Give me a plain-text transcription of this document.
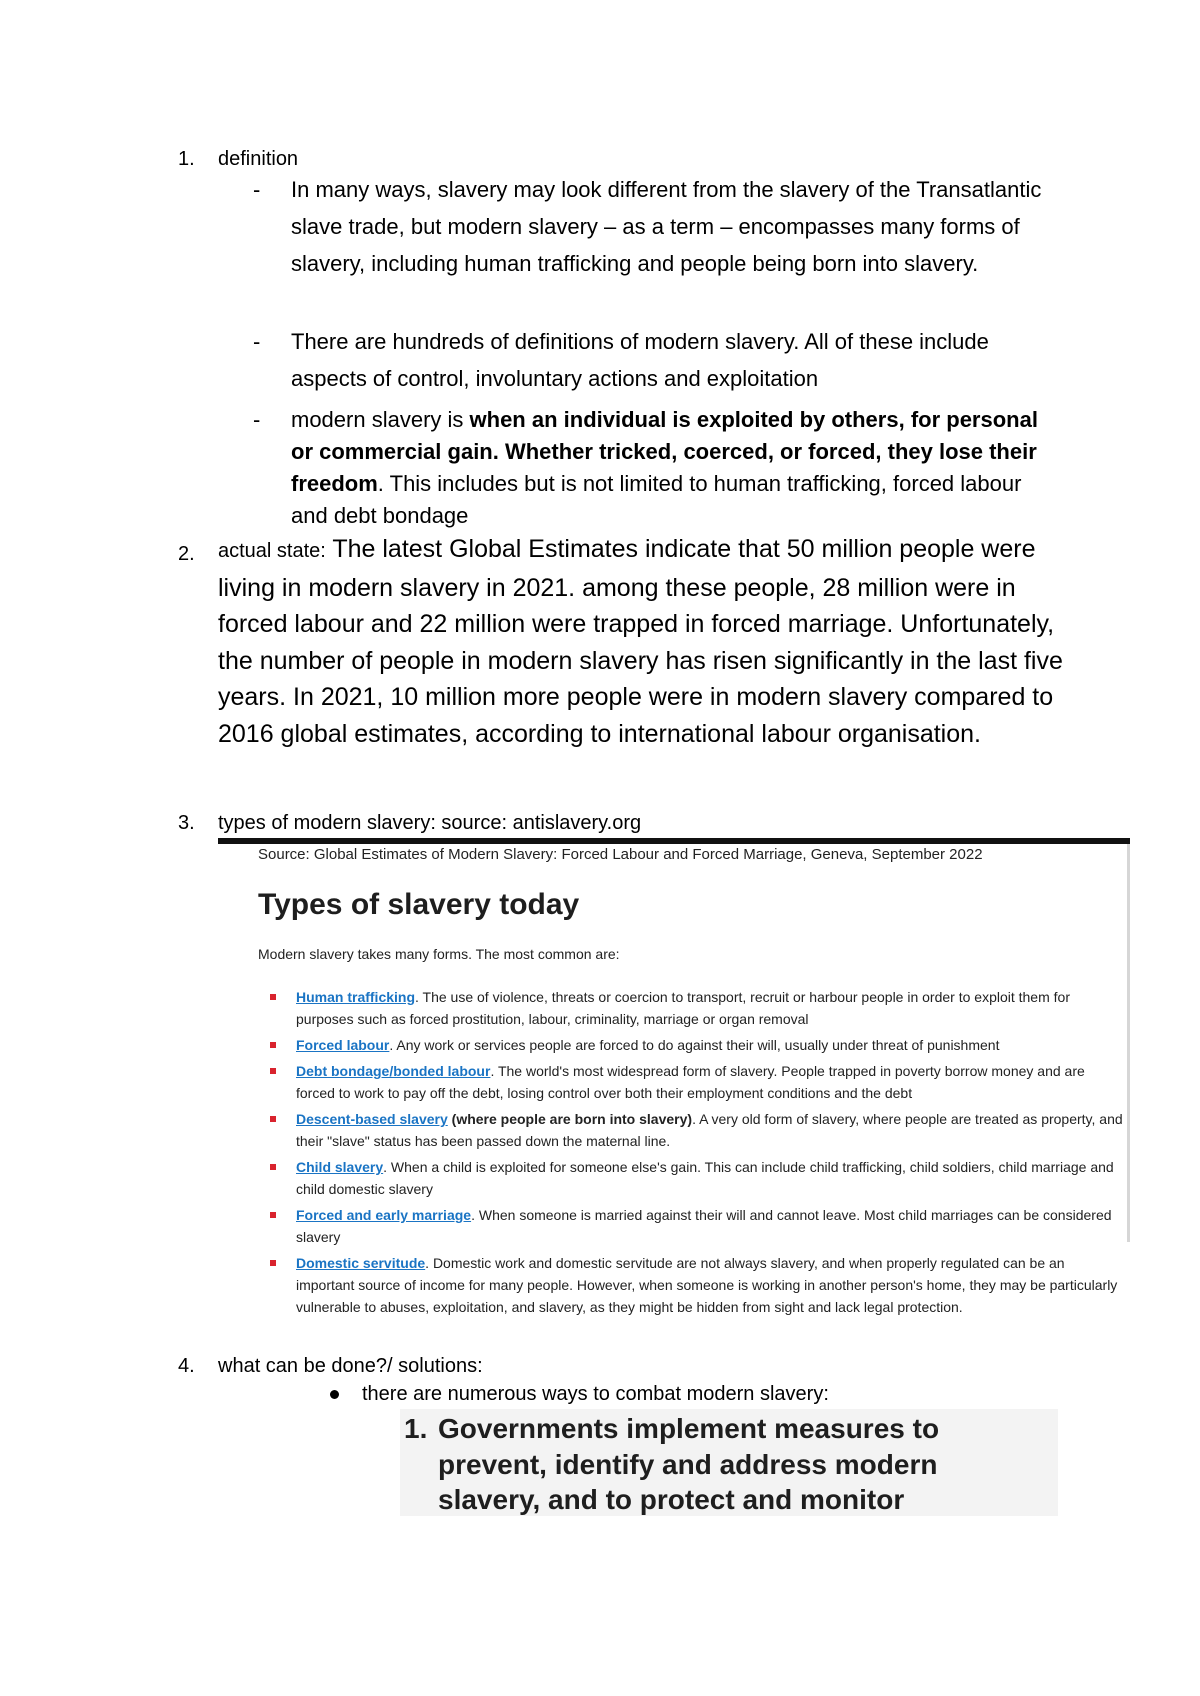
1. definition
- In many ways, slavery may look different from the slavery of the Transatlantic slave trade, but modern slavery – as a term – encompasses many forms of slavery, including human trafficking and people being born into slavery.
- There are hundreds of definitions of modern slavery. All of these include aspects of control, involuntary actions and exploitation
- modern slavery is when an individual is exploited by others, for personal or commercial gain. Whether tricked, coerced, or forced, they lose their freedom. This includes but is not limited to human trafficking, forced labour and debt bondage
2. actual state: The latest Global Estimates indicate that 50 million people were living in modern slavery in 2021. among these people, 28 million were in forced labour and 22 million were trapped in forced marriage. Unfortunately, the number of people in modern slavery has risen significantly in the last five years. In 2021, 10 million more people were in modern slavery compared to 2016 global estimates, according to international labour organisation.
3. types of modern slavery: source: antislavery.org
Source: Global Estimates of Modern Slavery: Forced Labour and Forced Marriage, Geneva, September 2022
Types of slavery today
Modern slavery takes many forms. The most common are:
Human trafficking. The use of violence, threats or coercion to transport, recruit or harbour people in order to exploit them for purposes such as forced prostitution, labour, criminality, marriage or organ removal
Forced labour. Any work or services people are forced to do against their will, usually under threat of punishment
Debt bondage/bonded labour. The world's most widespread form of slavery. People trapped in poverty borrow money and are forced to work to pay off the debt, losing control over both their employment conditions and the debt
Descent-based slavery (where people are born into slavery). A very old form of slavery, where people are treated as property, and their "slave" status has been passed down the maternal line.
Child slavery. When a child is exploited for someone else's gain. This can include child trafficking, child soldiers, child marriage and child domestic slavery
Forced and early marriage. When someone is married against their will and cannot leave. Most child marriages can be considered slavery
Domestic servitude. Domestic work and domestic servitude are not always slavery, and when properly regulated can be an important source of income for many people. However, when someone is working in another person's home, they may be particularly vulnerable to abuses, exploitation, and slavery, as they might be hidden from sight and lack legal protection.
4. what can be done?/ solutions:
there are numerous ways to combat modern slavery:
1. Governments implement measures to prevent, identify and address modern slavery, and to protect and monitor
